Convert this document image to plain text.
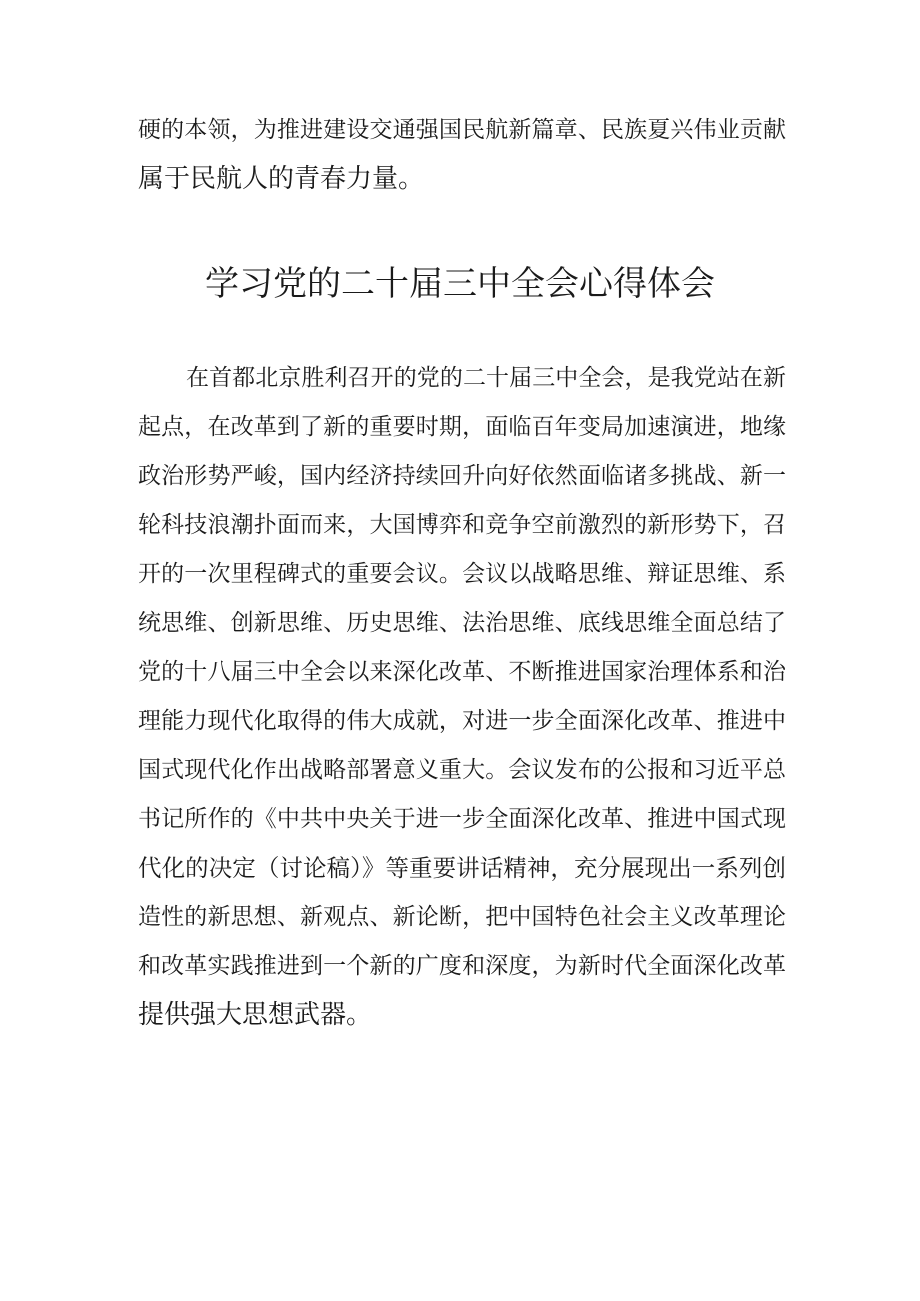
硬的本领，为推进建设交通强国民航新篇章、民族夏兴伟业贡献
属于民航人的青春力量。
学习党的二十届三中全会心得体会
在首都北京胜利召开的党的二十届三中全会，是我党站在新
起点，在改革到了新的重要时期，面临百年变局加速演进，地缘
政治形势严峻，国内经济持续回升向好依然面临诸多挑战、新一
轮科技浪潮扑面而来，大国博弈和竞争空前激烈的新形势下，召
开的一次里程碑式的重要会议。会议以战略思维、辩证思维、系
统思维、创新思维、历史思维、法治思维、底线思维全面总结了
党的十八届三中全会以来深化改革、不断推进国家治理体系和治
理能力现代化取得的伟大成就，对进一步全面深化改革、推进中
国式现代化作出战略部署意义重大。会议发布的公报和习近平总
书记所作的《中共中央关于进一步全面深化改革、推进中国式现
代化的决定（讨论稿）》等重要讲话精神，充分展现出一系列创
造性的新思想、新观点、新论断，把中国特色社会主义改革理论
和改革实践推进到一个新的广度和深度，为新时代全面深化改革
提供强大思想武器。
